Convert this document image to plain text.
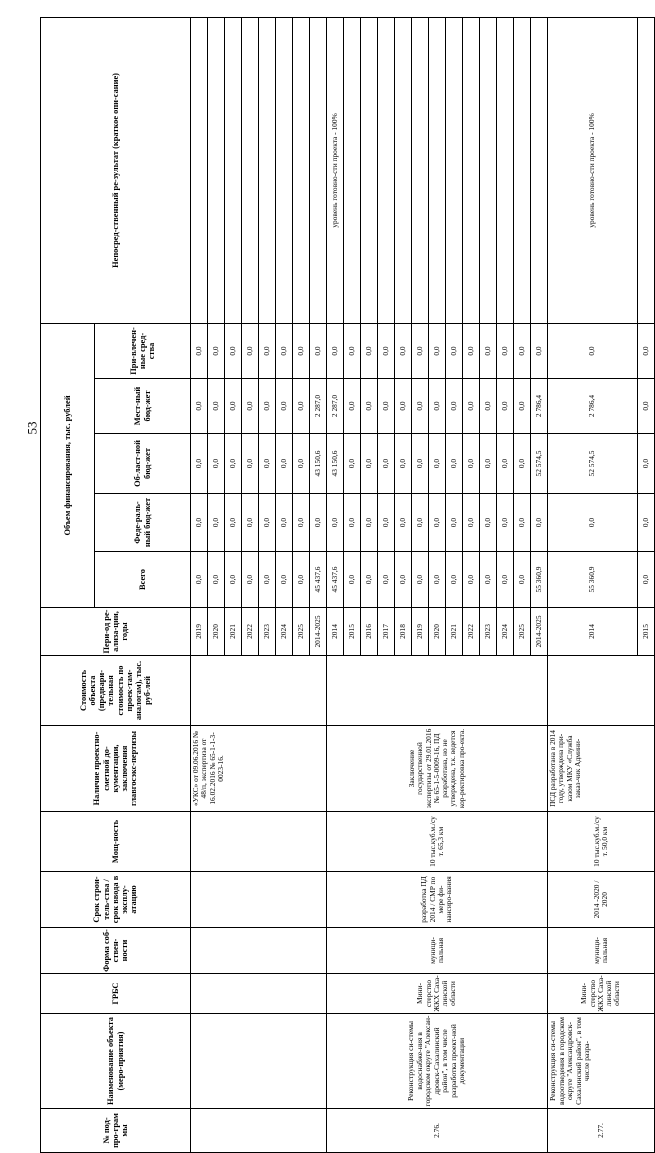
53
№ под-про-грам мы	Наименование объекта (меро-приятия)	ГРБС	Форма соб-ствен-ности	Срок строи-тель-ства / срок ввода в эксплу-атацию	Мощ-ность	Наличие проектно-сметной до-кументации, заключения главгосэкс-пертизы	Стоимость объекта (предвари-тельная стоимость по проек-там-аналогам), тыс. руб-лей	Пери-од ре-ализа-ции, годы	Объем финансирования, тыс. рублей					Непосред-ственный ре-зультат (краткое опи-сание)
									Всего	Феде-раль-ный бюд-жет	Об-ласт-ной бюд-жет	Мест-ный бюд-жет	При-влечен-ные сред-ства	
						«УКС» от 09.06.2016 № 48/п, экспертиза от 16.02.2016 № 65-1-1-3-0023-16.		2019	0,0	0,0	0,0	0,0	0,0	
								2020	0,0	0,0	0,0	0,0	0,0	
								2021	0,0	0,0	0,0	0,0	0,0	
								2022	0,0	0,0	0,0	0,0	0,0	
								2023	0,0	0,0	0,0	0,0	0,0	
								2024	0,0	0,0	0,0	0,0	0,0	
								2025	0,0	0,0	0,0	0,0	0,0	
								2014-2025	45 437,6	0,0	43 150,6	2 287,0	0,0	
2.76.	Реконструкция си-стемы водоснабже-ния в городском округе "Алексан-дровск-Сахалинский район", в том числе разработка проект-ной документации	Мини-стерство ЖКХ Саха-линской области	муници-пальная	разработка ПД 2014 / СМР по мере фи-нансиро-вания	10 тыс.куб.м./су т. 65,3 км	Заключение государственной экспертизы от 29.01.2016 № 65-1-5-0009-16, ПД разработана, но не утверждена, т.к. ведется кор-ректировка про-екта.		2014	45 437,6	0,0	43 150,6	2 287,0	0,0	уровень готовно-сти проекта - 100%
								2015	0,0	0,0	0,0	0,0	0,0	
								2016	0,0	0,0	0,0	0,0	0,0	
								2017	0,0	0,0	0,0	0,0	0,0	
								2018	0,0	0,0	0,0	0,0	0,0	
								2019	0,0	0,0	0,0	0,0	0,0	
								2020	0,0	0,0	0,0	0,0	0,0	
								2021	0,0	0,0	0,0	0,0	0,0	
								2022	0,0	0,0	0,0	0,0	0,0	
								2023	0,0	0,0	0,0	0,0	0,0	
								2024	0,0	0,0	0,0	0,0	0,0	
								2025	0,0	0,0	0,0	0,0	0,0	
								2014-2025	55 360,9	0,0	52 574,5	2 786,4	0,0	
2.77.	Реконструкция си-стемы водоотведения в городском округе "Александровск-Сахалинский район", в том числе разра-	Мини-стерство ЖКХ Саха-линской области	муници-пальная	2014 -2020 / 2020	10 тыс.куб.м./су т. 50,0 км	ПСД разработана в 2014 году, утверждена при-казом МКУ «Служба заказ-чик Админи-		2014	55 360,9	0,0	52 574,5	2 786,4	0,0	уровень готовно-сти проекта - 100%
								2015	0,0	0,0	0,0	0,0	0,0	
